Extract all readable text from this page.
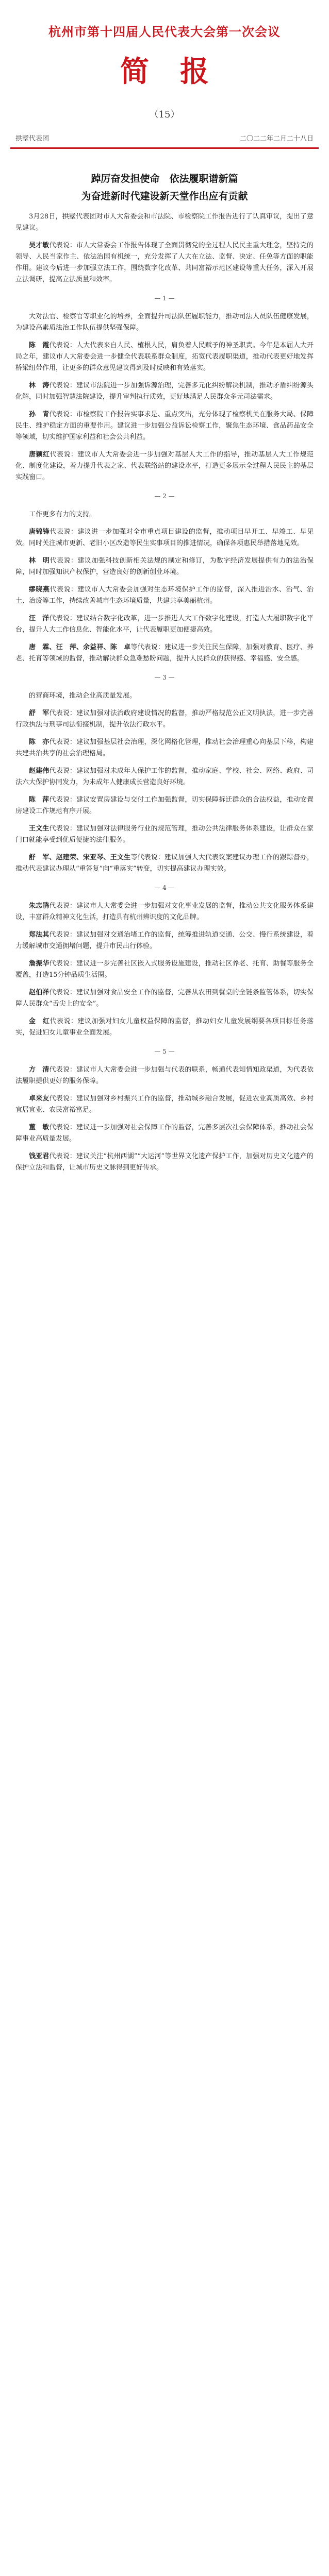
杭州市第十四届人民代表大会第一次会议
简报
（15）
拱墅代表团	二〇二二年二月二十八日
踔厉奋发担使命　依法履职谱新篇
为奋进新时代建设新天堂作出应有贡献

3月28日，拱墅代表团对市人大常委会和市法院、市检察院工作报告进行了认真审议，提出了意见建议。

吴才敏代表说：市人大常委会工作报告体现了全面贯彻党的全过程人民民主重大理念，坚持党的领导、人民当家作主、依法治国有机统一，充分发挥了人大在立法、监督、决定、任免等方面的职能作用。建议今后进一步加强立法工作，围绕数字化改革、共同富裕示范区建设等重大任务，深入开展立法调研，提高立法质量和效率。

— 1 —

大对法官、检察官等职业化的培养，全面提升司法队伍履职能力，推动司法人员队伍健康发展，为建设高素质法治工作队伍提供坚强保障。

陈　霞代表说：人大代表来自人民、植根人民，肩负着人民赋予的神圣职责。今年是本届人大开局之年，建议市人大常委会进一步健全代表联系群众制度，拓宽代表履职渠道，推动代表更好地发挥桥梁纽带作用，让更多的群众意见建议得到及时反映和有效落实。

林　涛代表说：建议市法院进一步加强诉源治理，完善多元化纠纷解决机制，推动矛盾纠纷源头化解，同时加强智慧法院建设，提升审判执行质效，更好地满足人民群众多元司法需求。

孙　青代表说：市检察院工作报告实事求是、重点突出，充分体现了检察机关在服务大局、保障民生、维护稳定方面的重要作用。建议进一步加强公益诉讼检察工作，聚焦生态环境、食品药品安全等领域，切实维护国家利益和社会公共利益。

唐颖红代表说：建议市人大常委会进一步加强对基层人大工作的指导，推动基层人大工作规范化、制度化建设，着力提升代表之家、代表联络站的建设水平，打造更多展示全过程人民民主的基层实践窗口。

— 2 —

工作更多有力的支持。

唐锦锋代表说：建议进一步加强对全市重点项目建设的监督，推动项目早开工、早竣工、早见效。同时关注城市更新、老旧小区改造等民生实事项目的推进情况，确保各项惠民举措落地见效。

林　明代表说：建议加强科技创新相关法规的制定和修订，为数字经济发展提供有力的法治保障，同时加强知识产权保护，营造良好的创新创业环境。

缪晓燕代表说：建议市人大常委会加强对生态环境保护工作的监督，深入推进治水、治气、治土、治废等工作，持续改善城市生态环境质量，共建共享美丽杭州。

汪　洋代表说：建议结合数字化改革，进一步推进人大工作数字化建设，打造人大履职数字化平台，提升人大工作信息化、智能化水平，让代表履职更加便捷高效。

唐　霖、汪　萍、余益祥、陈　卓等代表说：建议进一步关注民生保障，加强对教育、医疗、养老、托育等领域的监督，推动解决群众急难愁盼问题，提升人民群众的获得感、幸福感、安全感。

— 3 —

的营商环境，推动企业高质量发展。

舒　军代表说：建议加强对法治政府建设情况的监督，推动严格规范公正文明执法，进一步完善行政执法与刑事司法衔接机制，提升依法行政水平。

陈　亦代表说：建议加强基层社会治理，深化网格化管理，推动社会治理重心向基层下移，构建共建共治共享的社会治理格局。

赵建伟代表说：建议加强对未成年人保护工作的监督，推动家庭、学校、社会、网络、政府、司法六大保护协同发力，为未成年人健康成长营造良好环境。

陈　萍代表说：建议安置房建设与交付工作加强监督，切实保障拆迁群众的合法权益，推动安置房建设工作规范有序开展。

王文生代表说：建议加强对法律服务行业的规范管理，推动公共法律服务体系建设，让群众在家门口就能享受到优质便捷的法律服务。

舒　军、赵建荣、宋亚琴、王文生等代表说：建议加强人大代表议案建议办理工作的跟踪督办，推动代表建议办理从“重答复”向“重落实”转变，切实提高建议办理实效。

— 4 —

朱志鹃代表说：建议市人大常委会进一步加强对文化事业发展的监督，推动公共文化服务体系建设，丰富群众精神文化生活，打造具有杭州辨识度的文化品牌。

郑法其代表说：建议加强对交通治堵工作的监督，统筹推进轨道交通、公交、慢行系统建设，着力缓解城市交通拥堵问题，提升市民出行体验。

詹振华代表说：建议进一步完善社区嵌入式服务设施建设，推动社区养老、托育、助餐等服务全覆盖，打造15分钟品质生活圈。

赵伯祥代表说：建议加强对食品安全工作的监督，完善从农田到餐桌的全链条监管体系，切实保障人民群众“舌尖上的安全”。

金　红代表说：建议加强对妇女儿童权益保障的监督，推动妇女儿童发展纲要各项目标任务落实，促进妇女儿童事业全面发展。

— 5 —

方　清代表说：建议市人大常委会进一步加强与代表的联系，畅通代表知情知政渠道，为代表依法履职提供更好的服务保障。

卓来友代表说：建议加强对乡村振兴工作的监督，推动城乡融合发展，促进农业高质高效、乡村宜居宜业、农民富裕富足。

董　敏代表说：建议进一步加强对社会保障工作的监督，完善多层次社会保障体系，推动社会保障事业高质量发展。

钱亚君代表说：建议关注“杭州西湖”“大运河”等世界文化遗产保护工作，加强对历史文化遗产的保护立法和监督，让城市历史文脉得到更好传承。
